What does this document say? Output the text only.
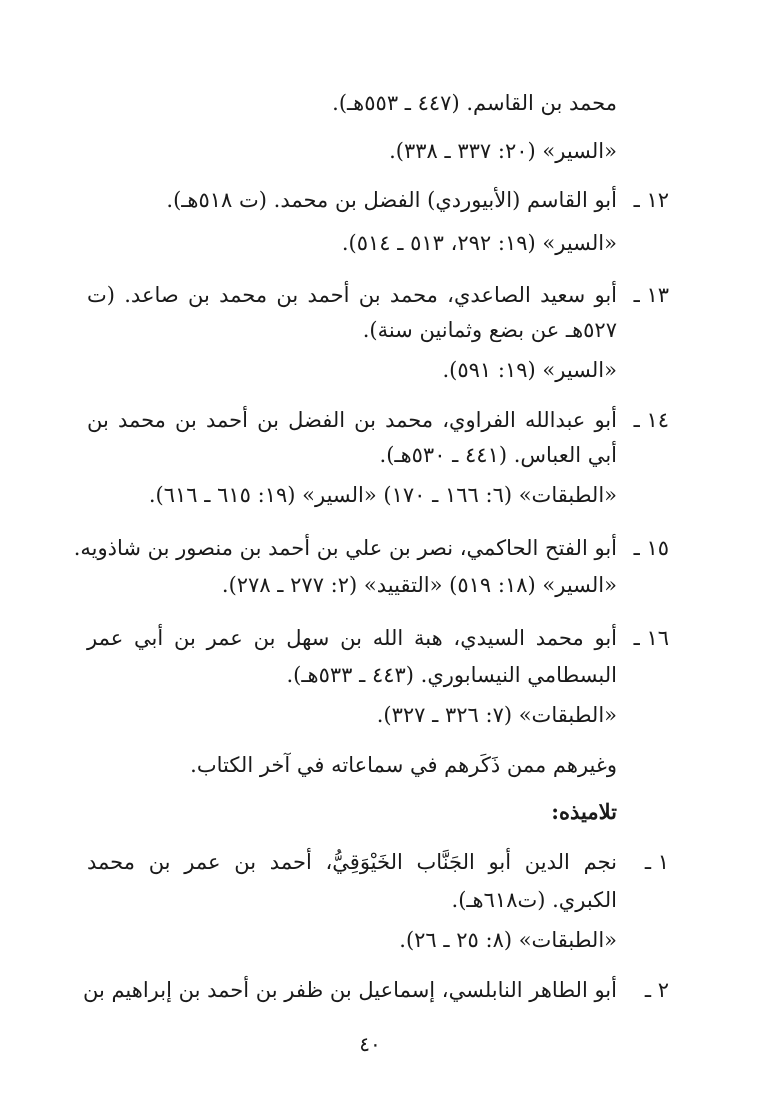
محمد بن القاسم. (٤٤٧ ـ ٥٥٣هـ).
«السير» (٢٠: ٣٣٧ ـ ٣٣٨).
١٢ ـ
أبو القاسم (الأبيوردي) الفضل بن محمد. (ت ٥١٨هـ).
«السير» (١٩: ٢٩٢، ٥١٣ ـ ٥١٤).
١٣ ـ
أبو سعيد الصاعدي، محمد بن أحمد بن محمد بن صاعد. (ت
٥٢٧هـ عن بضع وثمانين سنة).
«السير» (١٩: ٥٩١).
١٤ ـ
أبو عبدالله الفراوي، محمد بن الفضل بن أحمد بن محمد بن
أبي العباس. (٤٤١ ـ ٥٣٠هـ).
«الطبقات» (٦: ١٦٦ ـ ١٧٠) «السير» (١٩: ٦١٥ ـ ٦١٦).
١٥ ـ
أبو الفتح الحاكمي، نصر بن علي بن أحمد بن منصور بن شاذويه.
«السير» (١٨: ٥١٩) «التقييد» (٢: ٢٧٧ ـ ٢٧٨).
١٦ ـ
أبو محمد السيدي، هبة الله بن سهل بن عمر بن أبي عمر
البسطامي النيسابوري. (٤٤٣ ـ ٥٣٣هـ).
«الطبقات» (٧: ٣٢٦ ـ ٣٢٧).
وغيرهم ممن ذَكَرهم في سماعاته في آخر الكتاب.
تلاميذه:
١ ـ
نجم الدين أبو الجَنَّاب الخَيْوَقِيُّ، أحمد بن عمر بن محمد
الكبري. (ت٦١٨هـ).
«الطبقات» (٨: ٢٥ ـ ٢٦).
٢ ـ
أبو الطاهر النابلسي، إسماعيل بن ظفر بن أحمد بن إبراهيم بن
٤٠
